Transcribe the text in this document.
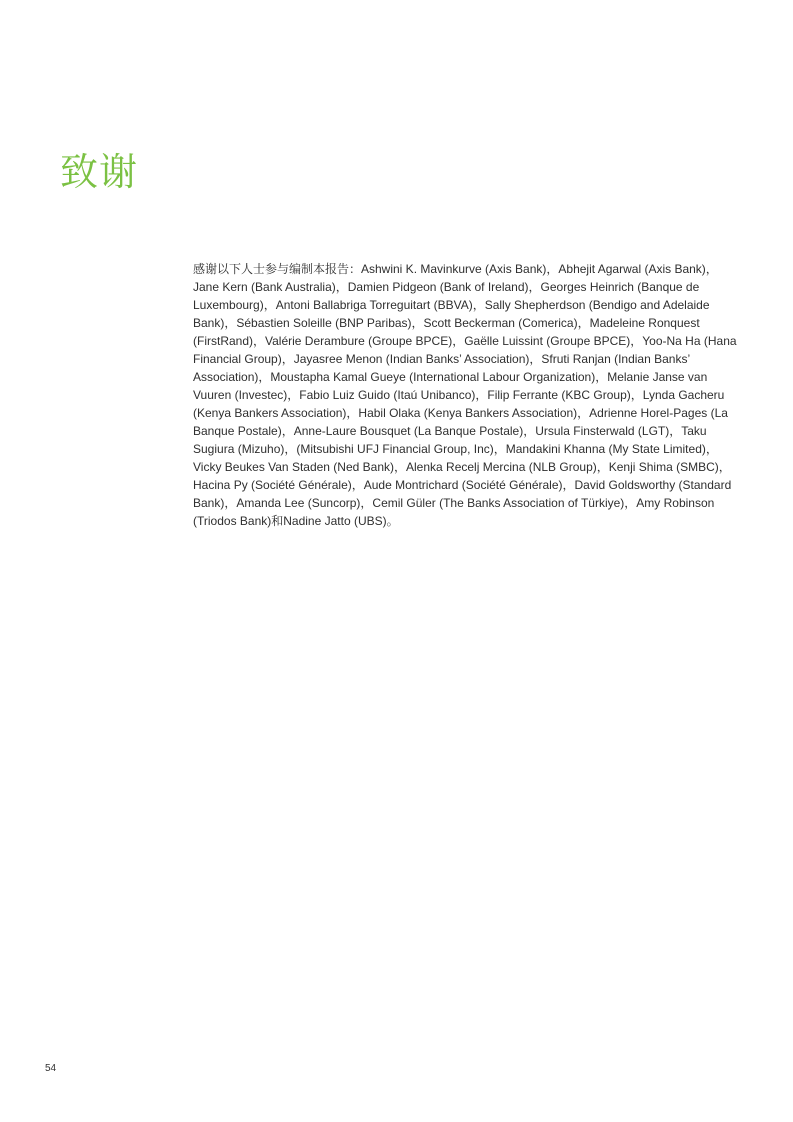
致谢

感谢以下人士参与编制本报告：Ashwini K. Mavinkurve (Axis Bank)，Abhejit Agarwal (Axis Bank)，Jane Kern (Bank Australia)，Damien Pidgeon (Bank of Ireland)，Georges Heinrich (Banque de Luxembourg)，Antoni Ballabriga Torreguitart (BBVA)，Sally Shepherdson (Bendigo and Adelaide Bank)，Sébastien Soleille (BNP Paribas)，Scott Beckerman (Comerica)，Madeleine Ronquest (FirstRand)，Valérie Derambure (Groupe BPCE)，Gaëlle Luissint (Groupe BPCE)，Yoo-Na Ha (Hana Financial Group)，Jayasree Menon (Indian Banks’ Association)，Sfruti Ranjan (Indian Banks’ Association)，Moustapha Kamal Gueye (International Labour Organization)，Melanie Janse van Vuuren (Investec)，Fabio Luiz Guido (Itaú Unibanco)，Filip Ferrante (KBC Group)，Lynda Gacheru (Kenya Bankers Association)，Habil Olaka (Kenya Bankers Association)，Adrienne Horel-Pages (La Banque Postale)，Anne-Laure Bousquet (La Banque Postale)，Ursula Finsterwald (LGT)，Taku Sugiura (Mizuho)，(Mitsubishi UFJ Financial Group, Inc)，Mandakini Khanna (My State Limited)，Vicky Beukes Van Staden (Ned Bank)，Alenka Recelj Mercina (NLB Group)，Kenji Shima (SMBC)，Hacina Py (Société Générale)，Aude Montrichard (Société Générale)，David Goldsworthy (Standard Bank)，Amanda Lee (Suncorp)，Cemil Güler (The Banks Association of Türkiye)，Amy Robinson (Triodos Bank)和Nadine Jatto (UBS)。

54
